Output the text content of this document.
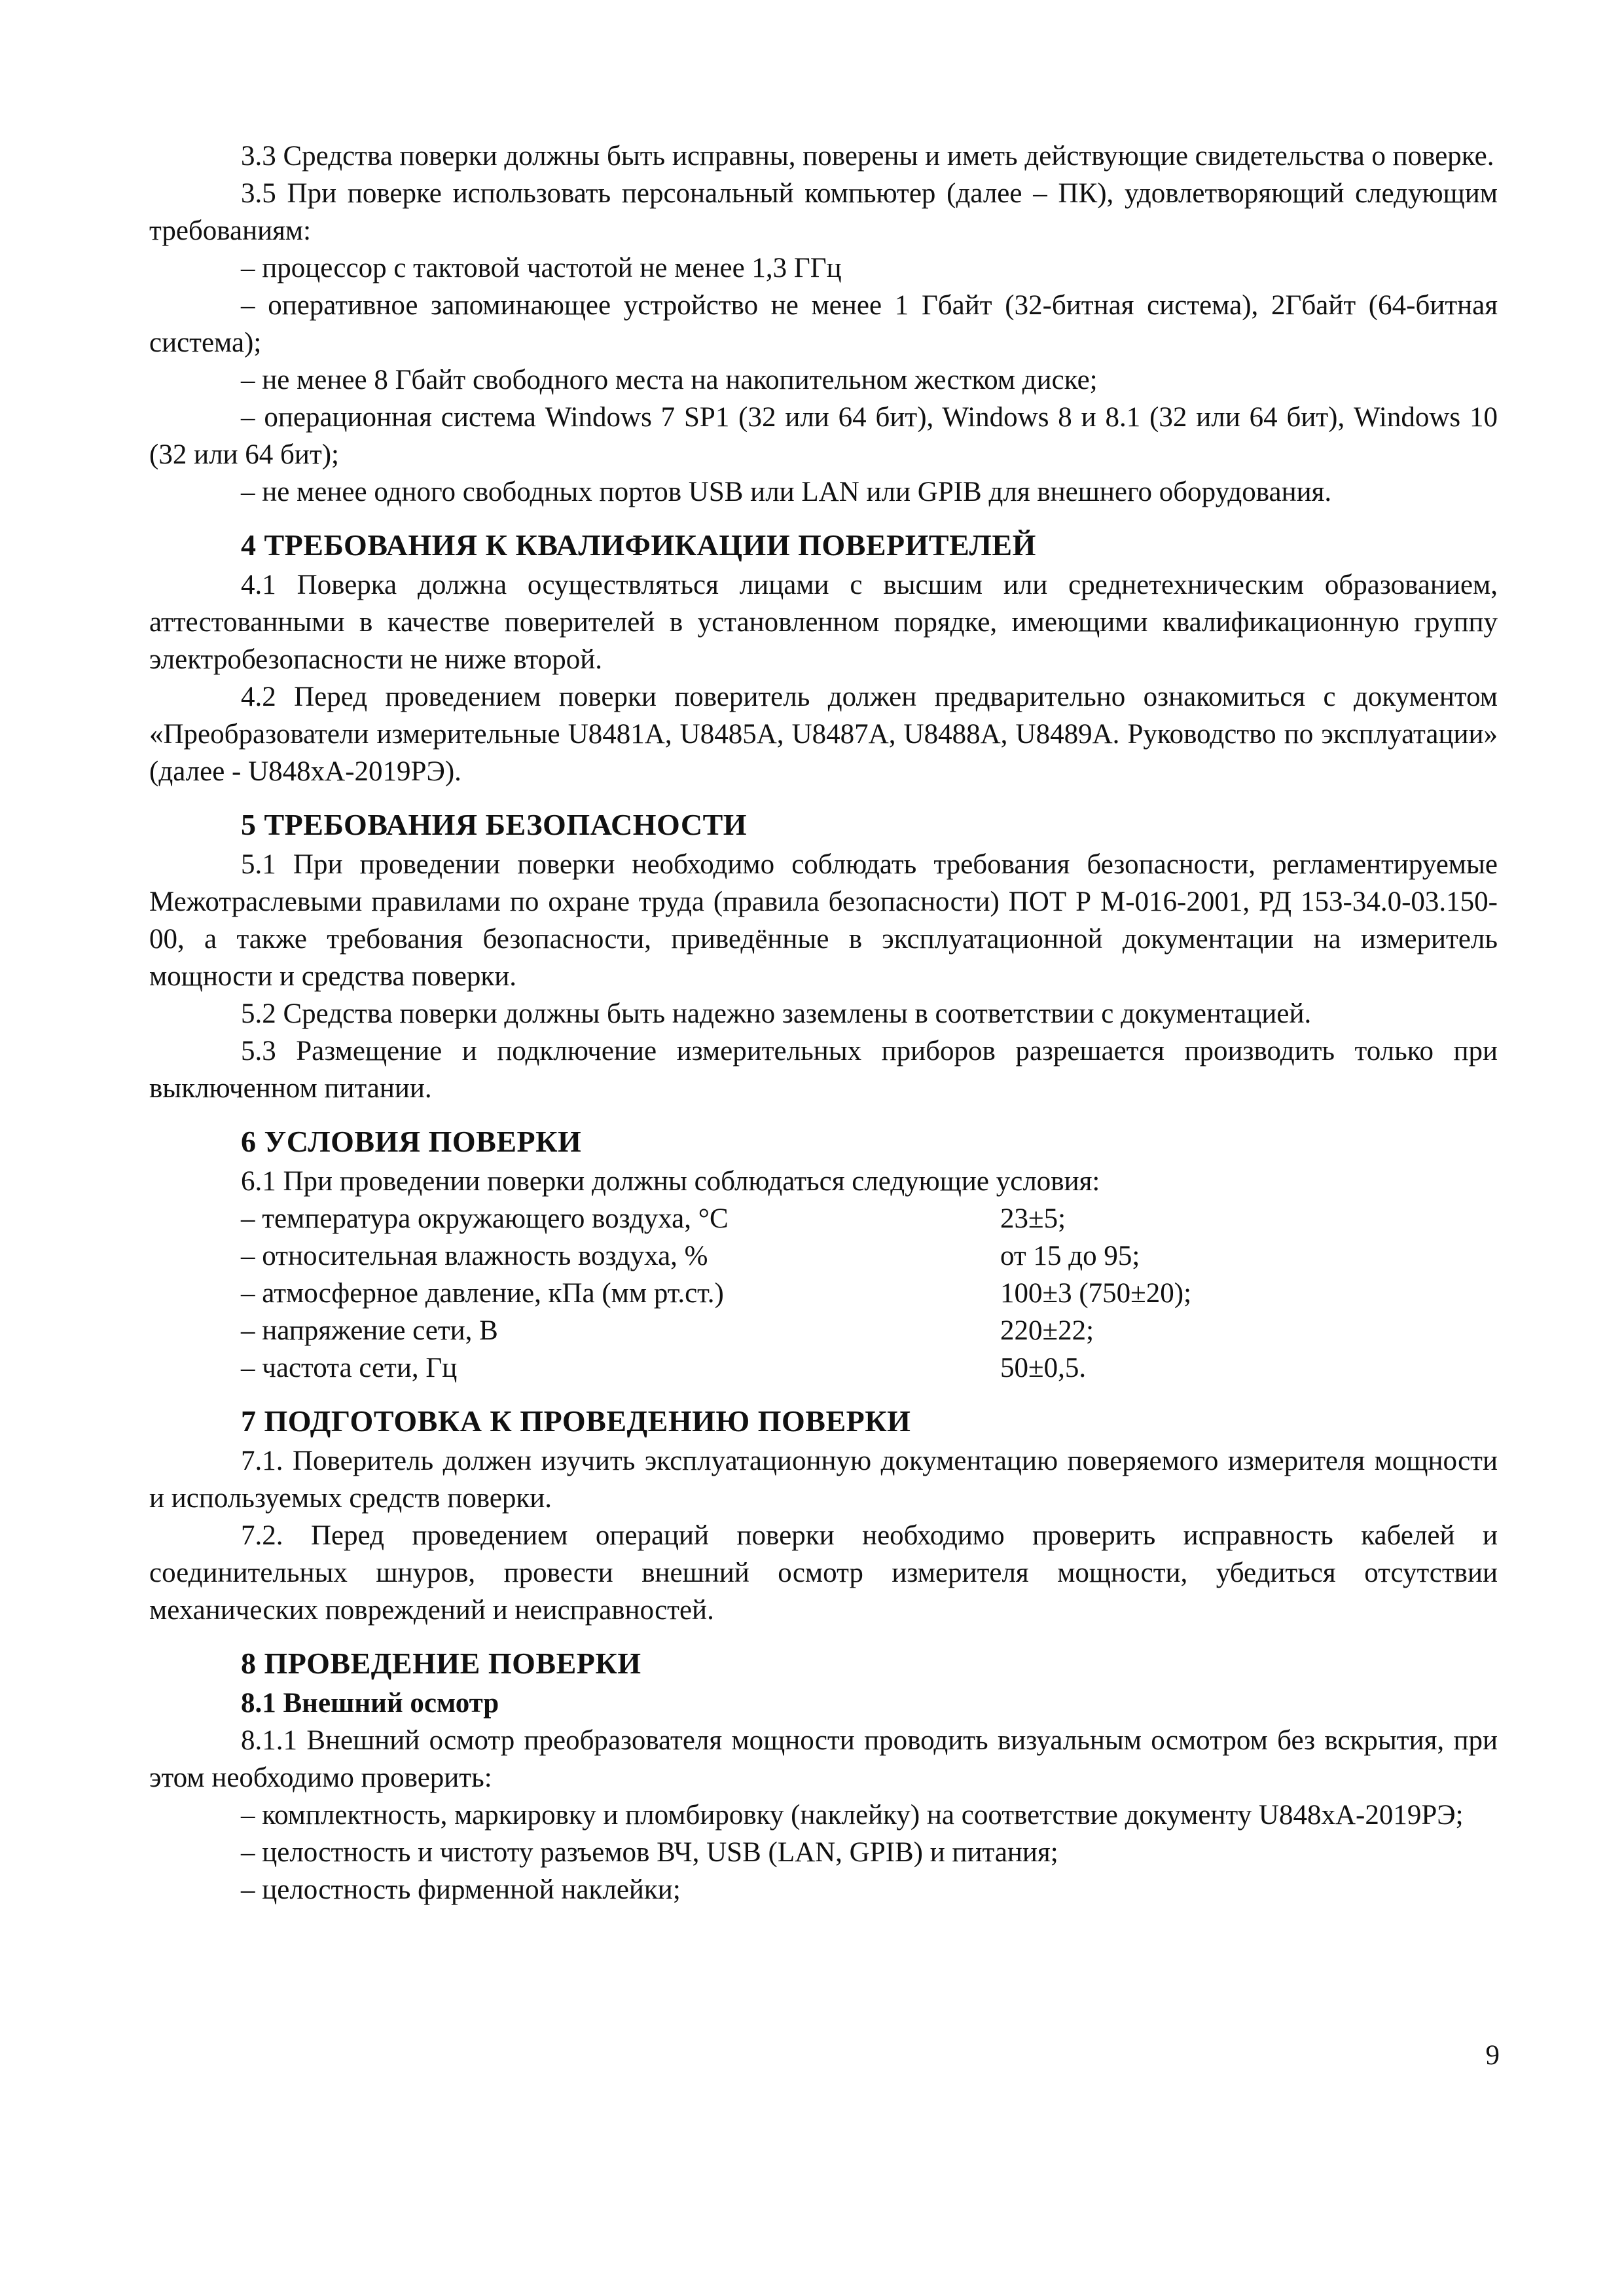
3.3 Средства поверки должны быть исправны, поверены и иметь действующие свидетельства о поверке.

3.5 При поверке использовать персональный компьютер (далее – ПК), удовлетворяющий следующим требованиям:

– процессор с тактовой частотой не менее 1,3 ГГц

– оперативное запоминающее устройство не менее 1 Гбайт (32-битная система), 2Гбайт (64-битная система);

– не менее 8 Гбайт свободного места на накопительном жестком диске;

– операционная система Windows 7 SP1 (32 или 64 бит), Windows 8 и 8.1 (32 или 64 бит), Windows 10 (32 или 64 бит);

– не менее одного свободных портов USB или LAN или GPIB для внешнего оборудования.

4 ТРЕБОВАНИЯ К КВАЛИФИКАЦИИ ПОВЕРИТЕЛЕЙ

4.1 Поверка должна осуществляться лицами с высшим или среднетехническим образованием, аттестованными в качестве поверителей в установленном порядке, имеющими квалификационную группу электробезопасности не ниже второй.

4.2 Перед проведением поверки поверитель должен предварительно ознакомиться с документом «Преобразователи измерительные U8481A, U8485A, U8487A, U8488A, U8489A. Руководство по эксплуатации» (далее - U848xA-2019РЭ).

5 ТРЕБОВАНИЯ БЕЗОПАСНОСТИ

5.1 При проведении поверки необходимо соблюдать требования безопасности, регламентируемые Межотраслевыми правилами по охране труда (правила безопасности) ПОТ Р М-016-2001, РД 153-34.0-03.150-00, а также требования безопасности, приведённые в эксплуатационной документации на измеритель мощности и средства поверки.

5.2 Средства поверки должны быть надежно заземлены в соответствии с документацией.

5.3 Размещение и подключение измерительных приборов разрешается производить только при выключенном питании.

6 УСЛОВИЯ ПОВЕРКИ

6.1 При проведении поверки должны соблюдаться следующие условия:

– температура окружающего воздуха, °С	23±5;
– относительная влажность воздуха, %	от 15 до 95;
– атмосферное давление, кПа (мм рт.ст.)	100±3 (750±20);
– напряжение сети, В	220±22;
– частота сети, Гц	50±0,5.
7 ПОДГОТОВКА К ПРОВЕДЕНИЮ ПОВЕРКИ

7.1. Поверитель должен изучить эксплуатационную документацию поверяемого измерителя мощности и используемых средств поверки.

7.2. Перед проведением операций поверки необходимо проверить исправность кабелей и соединительных шнуров, провести внешний осмотр измерителя мощности, убедиться отсутствии механических повреждений и неисправностей.

8 ПРОВЕДЕНИЕ ПОВЕРКИ
8.1 Внешний осмотр

8.1.1 Внешний осмотр преобразователя мощности проводить визуальным осмотром без вскрытия, при этом необходимо проверить:

– комплектность, маркировку и пломбировку (наклейку) на соответствие документу U848xA-2019РЭ;

– целостность и чистоту разъемов ВЧ, USB (LAN, GPIB) и питания;

– целостность фирменной наклейки;

9
